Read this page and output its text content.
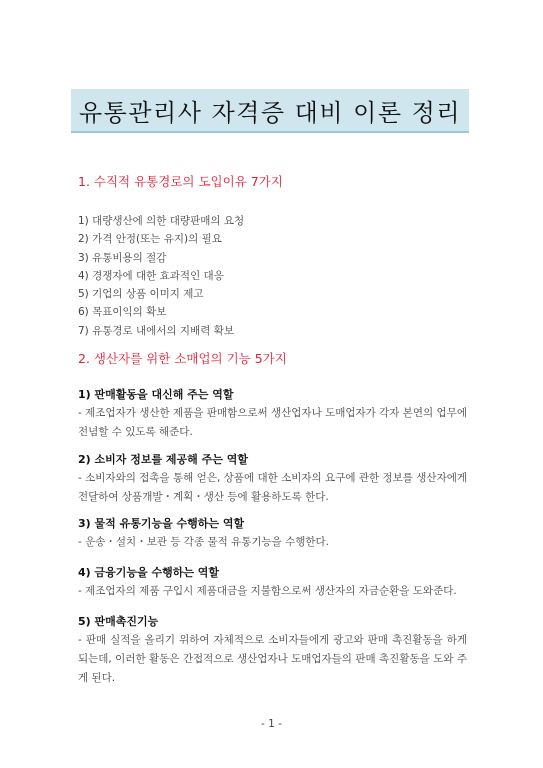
유통관리사 자격증 대비 이론 정리
1. 수직적 유통경로의 도입이유 7가지
1) 대량생산에 의한 대량판매의 요청
2) 가격 안정(또는 유지)의 필요
3) 유통비용의 절감
4) 경쟁자에 대한 효과적인 대응
5) 기업의 상품 이미지 제고
6) 목표이익의 확보
7) 유통경로 내에서의 지배력 확보
2. 생산자를 위한 소매업의 기능 5가지
1) 판매활동을 대신해 주는 역할
- 제조업자가 생산한 제품을 판매함으로써 생산업자나 도매업자가 각자 본연의 업무에 전념할 수 있도록 해준다.
2) 소비자 정보를 제공해 주는 역할
- 소비자와의 접촉을 통해 얻은, 상품에 대한 소비자의 요구에 관한 정보를 생산자에게 전달하여 상품개발・계획・생산 등에 활용하도록 한다.
3) 물적 유통기능을 수행하는 역할
- 운송・설치・보관 등 각종 물적 유통기능을 수행한다.
4) 금융기능을 수행하는 역할
- 제조업자의 제품 구입시 제품대금을 지불함으로써 생산자의 자금순환을 도와준다.
5) 판매촉진기능
- 판매 실적을 올리기 위하여 자체적으로 소비자들에게 광고와 판매 촉진활동을 하게 되는데, 이러한 활동은 간접적으로 생산업자나 도매업자들의 판매 촉진활동을 도와 주게 된다.
- 1 -
